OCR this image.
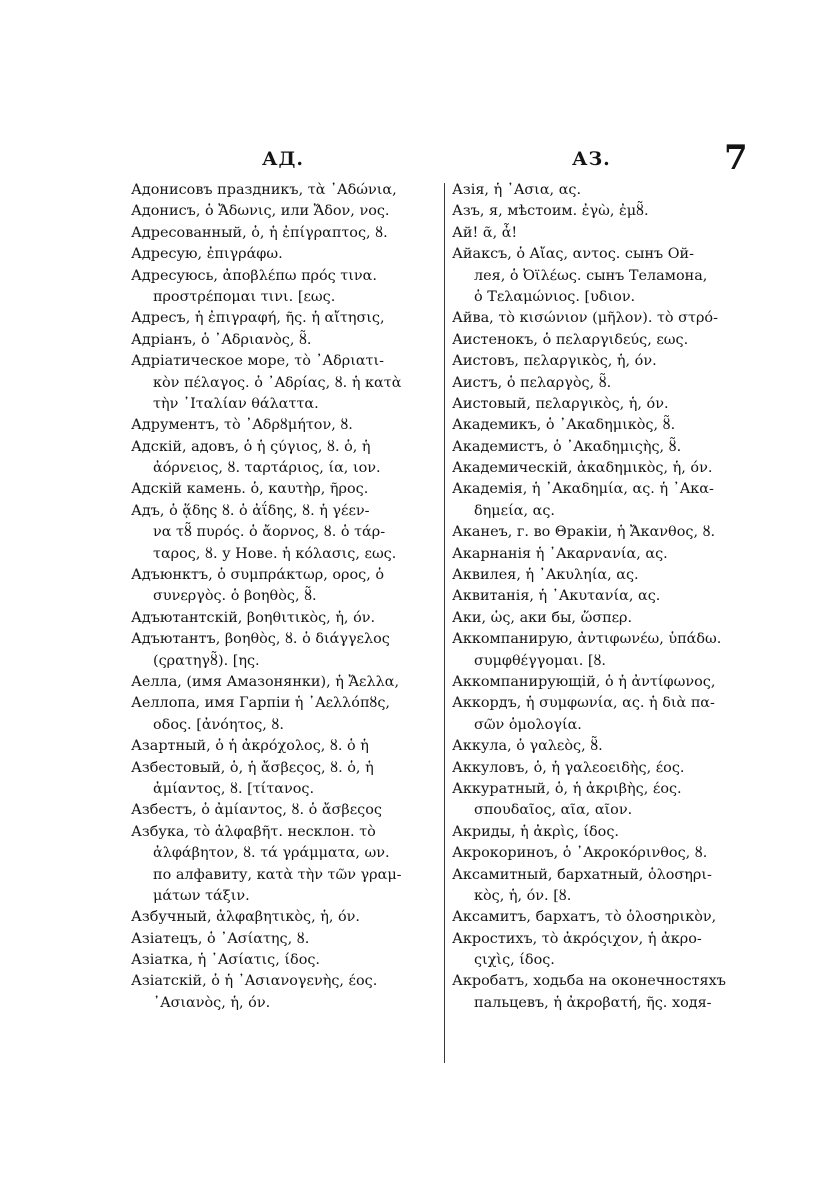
АД.	АЗ.	7
Адонисовъ праздникъ, τὰ ᾿Αδώνια,
Адонисъ, ὁ Ἄδωνις, или Ἄδον, νος.
Адресованный, ὁ, ἡ ἐπίγραπτος, ȣ.
Адресую, ἐπιγράφω.
Адресуюсь, ἀποβλέπω πρός τινα.
προστρέπομαι τινι. [εως.
Адресъ, ἡ ἐπιγραφή, ῆς. ἡ αἴτησις,
Адріанъ, ὁ ᾿Αδριανὸς, ȣ̃.
Адріатическое море, τὸ ᾿Αδριατι-
κὸν πέλαγος. ὁ ᾿Αδρίας, ȣ. ἡ κατὰ
τὴν ᾿Ιταλίαν θάλαττα.
Адрументъ, τὸ ᾿Αδρȣμήτον, ȣ.
Адскій, адовъ, ὁ ἡ ςύγιος, ȣ. ὁ, ἡ
ἀόρνειος, ȣ. ταρτάριος, ία, ιον.
Адскій камень. ὁ, καυτὴρ, ῆρος.
Адъ, ὁ ᾅδης ȣ. ὁ ἀΐδης, ȣ. ἡ γέεν-
να τȣ̃ πυρός. ὁ ἄορνος, ȣ. ὁ τάρ-
ταρος, ȣ. у Нове. ἡ κόλασις, εως.
Адъюнктъ, ὁ συμπράκτωρ, ορος, ὁ
συνεργὸς. ὁ βοηθὸς, ȣ̃.
Адъютантскій, βοηθιτικὸς, ἡ, όν.
Адъютантъ, βοηθὸς, ȣ. ὁ διάγγελος
(ςρατηγȣ̃). [ης.
Аелла, (имя Амазонянки), ἡ Ἄελλα,
Аеллопа, имя Гарпіи ἡ ᾿Αελλόπȣς,
οδος. [ἀνόητος, ȣ.
Азартный, ὁ ἡ ἀκρόχολος, ȣ. ὁ ἡ
Азбестовый, ὁ, ἡ ἄσβεςος, ȣ. ὁ, ἡ
ἀμίαντος, ȣ. [τίτανος.
Азбестъ, ὁ ἀμίαντος, ȣ. ὁ ἄσβεςος
Азбука, τὸ ἀλφαβῆτ. несклон. τὸ
ἀλφάβητον, ȣ. τά γράμματα, ων.
по алфавиту, κατὰ τὴν τῶν γραμ-
μάτων τάξιν.
Азбучный, ἀλφαβητικὸς, ἡ, όν.
Азіатецъ, ὁ ᾿Ασίατης, ȣ.
Азіатка, ἡ ᾿Ασίατις, ίδος.
Азіатскій, ὁ ἡ ᾿Ασιανογενὴς, έος.
᾿Ασιανὸς, ἡ, όν.
Азія, ἡ ᾿Ασια, ας.
Азъ, я, мѣстоим. ἐγὼ, ἐμȣ̃.
Ай! ᾶ, ἆ!
Айаксъ, ὁ Αἴας, αντος. сынъ Ой-
лея, ὁ Ὀϊλέως. сынъ Теламона,
ὁ Τελαμώνιος. [υδιον.
Айва, τὸ κισώνιον (μῆλον). τὸ στρό-
Аистенокъ, ὁ πελαργιδεύς, εως.
Аистовъ, πελαργικὸς, ἡ, όν.
Аистъ, ὁ πελαργὸς, ȣ̃.
Аистовый, πελαργικὸς, ἡ, όν.
Академикъ, ὁ ᾿Ακαδημικὸς, ȣ̃.
Академистъ, ὁ ᾿Ακαδημιςὴς, ȣ̃.
Академическій, ἀκαδημικὸς, ἡ, όν.
Академія, ἡ ᾿Ακαδημία, ας. ἡ ᾿Ακα-
δημεία, ας.
Аканеъ, г. во Θракіи, ἡ Ἄκανθος, ȣ.
Акарнанія ἡ ᾿Ακαρνανία, ας.
Аквилея, ἡ ᾿Ακυληία, ας.
Аквитанія, ἡ ᾿Ακυτανία, ας.
Аки, ὡς, аки бы, ὥσπερ.
Аккомпанирую, ἀντιφωνέω, ὑπάδω.
συμφθέγγομαι. [ȣ.
Аккомпанирующій, ὁ ἡ ἀντίφωνος,
Аккордъ, ἡ συμφωνία, ας. ἡ διὰ πα-
σῶν ὁμολογία.
Аккула, ὁ γαλεὸς, ȣ̃.
Аккуловъ, ὁ, ἡ γαλεοειδὴς, έος.
Аккуратный, ὁ, ἡ ἀκριβὴς, έος.
σπουδαῖος, αῖα, αῖον.
Акриды, ἡ ἀκρὶς, ίδος.
Акрокориноъ, ὁ ᾿Ακροκόρινθος, ȣ.
Аксамитный, бархатный, ὁλοσηρι-
κὸς, ἡ, όν. [ȣ.
Аксамитъ, бархатъ, τὸ ὁλοσηρικὸν,
Акростихъ, τὸ ἀκρόςιχον, ἡ ἀκρο-
ςιχὶς, ίδος.
Акробатъ, ходьба на оконечностяхъ
пальцевъ, ἡ ἀκροβατή, ῆς. ходя-
